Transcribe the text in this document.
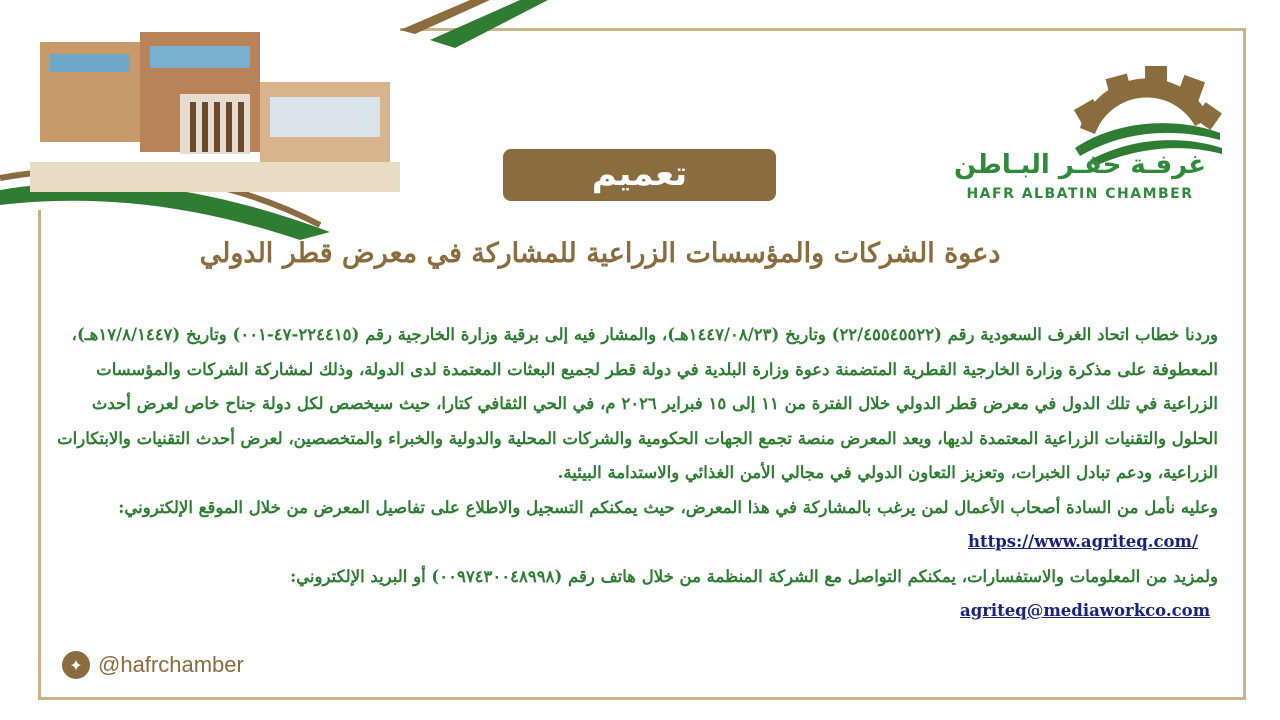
غرفـة حفـر البـاطن
HAFR ALBATIN CHAMBER
تعميم
دعوة الشركات والمؤسسات الزراعية للمشاركة في معرض قطر الدولي

وردنا خطاب اتحاد الغرف السعودية رقم (٢٢/٤٥٥٤٥٥٢٢) وتاريخ (١٤٤٧/٠٨/٢٣هـ)، والمشار فيه إلى برقية وزارة الخارجية رقم (٢٢٤٤١٥-٤٧-٠٠١) وتاريخ (١٧/٨/١٤٤٧هـ)، المعطوفة على مذكرة وزارة الخارجية القطرية المتضمنة دعوة وزارة البلدية في دولة قطر لجميع البعثات المعتمدة لدى الدولة، وذلك لمشاركة الشركات والمؤسسات الزراعية في تلك الدول في معرض قطر الدولي خلال الفترة من ١١ إلى ١٥ فبراير ٢٠٢٦ م، في الحي الثقافي كتارا، حيث سيخصص لكل دولة جناح خاص لعرض أحدث الحلول والتقنيات الزراعية المعتمدة لديها، ويعد المعرض منصة تجمع الجهات الحكومية والشركات المحلية والدولية والخبراء والمتخصصين، لعرض أحدث التقنيات والابتكارات الزراعية، ودعم تبادل الخبرات، وتعزيز التعاون الدولي في مجالي الأمن الغذائي والاستدامة البيئية.

وعليه نأمل من السادة أصحاب الأعمال لمن يرغب بالمشاركة في هذا المعرض، حيث يمكنكم التسجيل والاطلاع على تفاصيل المعرض من خلال الموقع الإلكتروني:

https://www.agriteq.com/

ولمزيد من المعلومات والاستفسارات، يمكنكم التواصل مع الشركة المنظمة من خلال هاتف رقم (٠٠٩٧٤٣٠٠٤٨٩٩٨) أو البريد الإلكتروني:

agriteq@mediaworkco.com
✦ @hafrchamber
